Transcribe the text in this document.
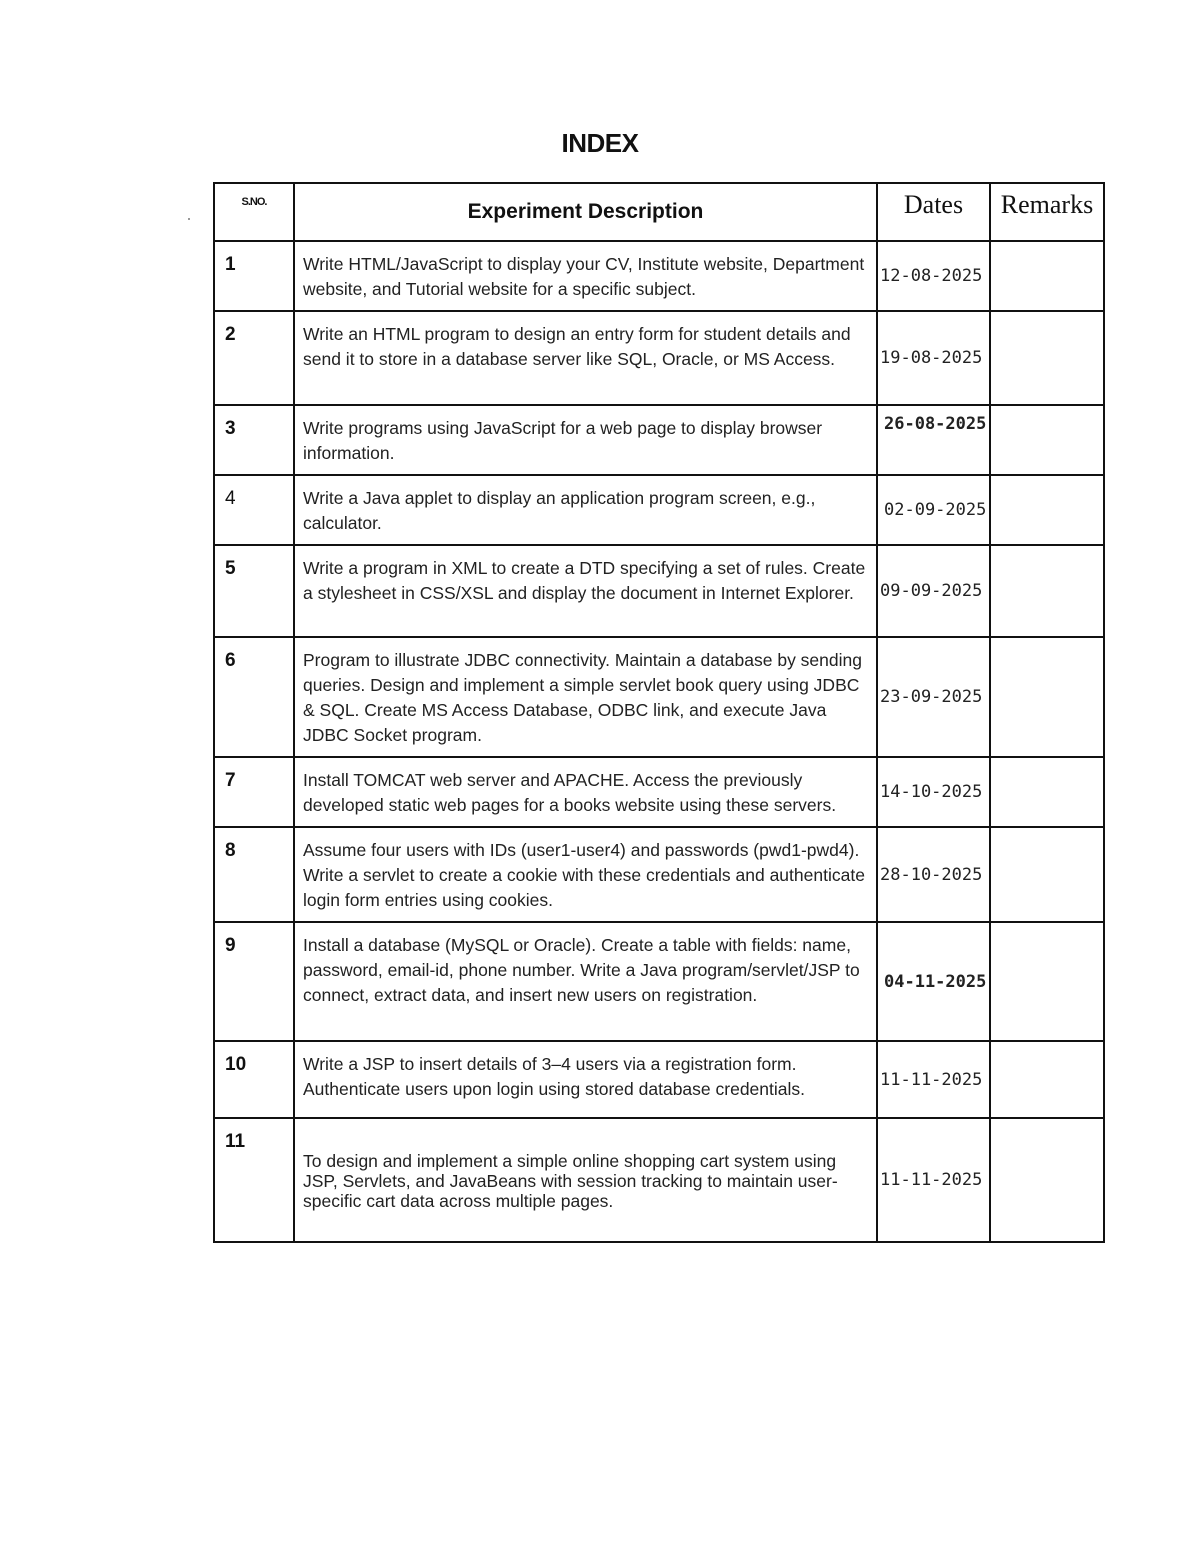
INDEX
S.NO.	Experiment Description	Dates	Remarks
1	Write HTML/JavaScript to display your CV, Institute website, Department website, and Tutorial website for a specific subject.	12-08-2025	
2	Write an HTML program to design an entry form for student details and send it to store in a database server like SQL, Oracle, or MS Access.	19-08-2025	
3	Write programs using JavaScript for a web page to display browser information.	26-08-2025	
4	Write a Java applet to display an application program screen, e.g., calculator.	02-09-2025	
5	Write a program in XML to create a DTD specifying a set of rules. Create a stylesheet in CSS/XSL and display the document in Internet Explorer.	09-09-2025	
6	Program to illustrate JDBC connectivity. Maintain a database by sending queries. Design and implement a simple servlet book query using JDBC & SQL. Create MS Access Database, ODBC link, and execute Java JDBC Socket program.	23-09-2025	
7	Install TOMCAT web server and APACHE. Access the previously developed static web pages for a books website using these servers.	14-10-2025	
8	Assume four users with IDs (user1-user4) and passwords (pwd1-pwd4). Write a servlet to create a cookie with these credentials and authenticate login form entries using cookies.	28-10-2025	
9	Install a database (MySQL or Oracle). Create a table with fields: name, password, email-id, phone number. Write a Java program/servlet/JSP to connect, extract data, and insert new users on registration.	04-11-2025	
10	Write a JSP to insert details of 3–4 users via a registration form. Authenticate users upon login using stored database credentials.	11-11-2025	
11	To design and implement a simple online shopping cart system using JSP, Servlets, and JavaBeans with session tracking to maintain user-specific cart data across multiple pages.	11-11-2025	
